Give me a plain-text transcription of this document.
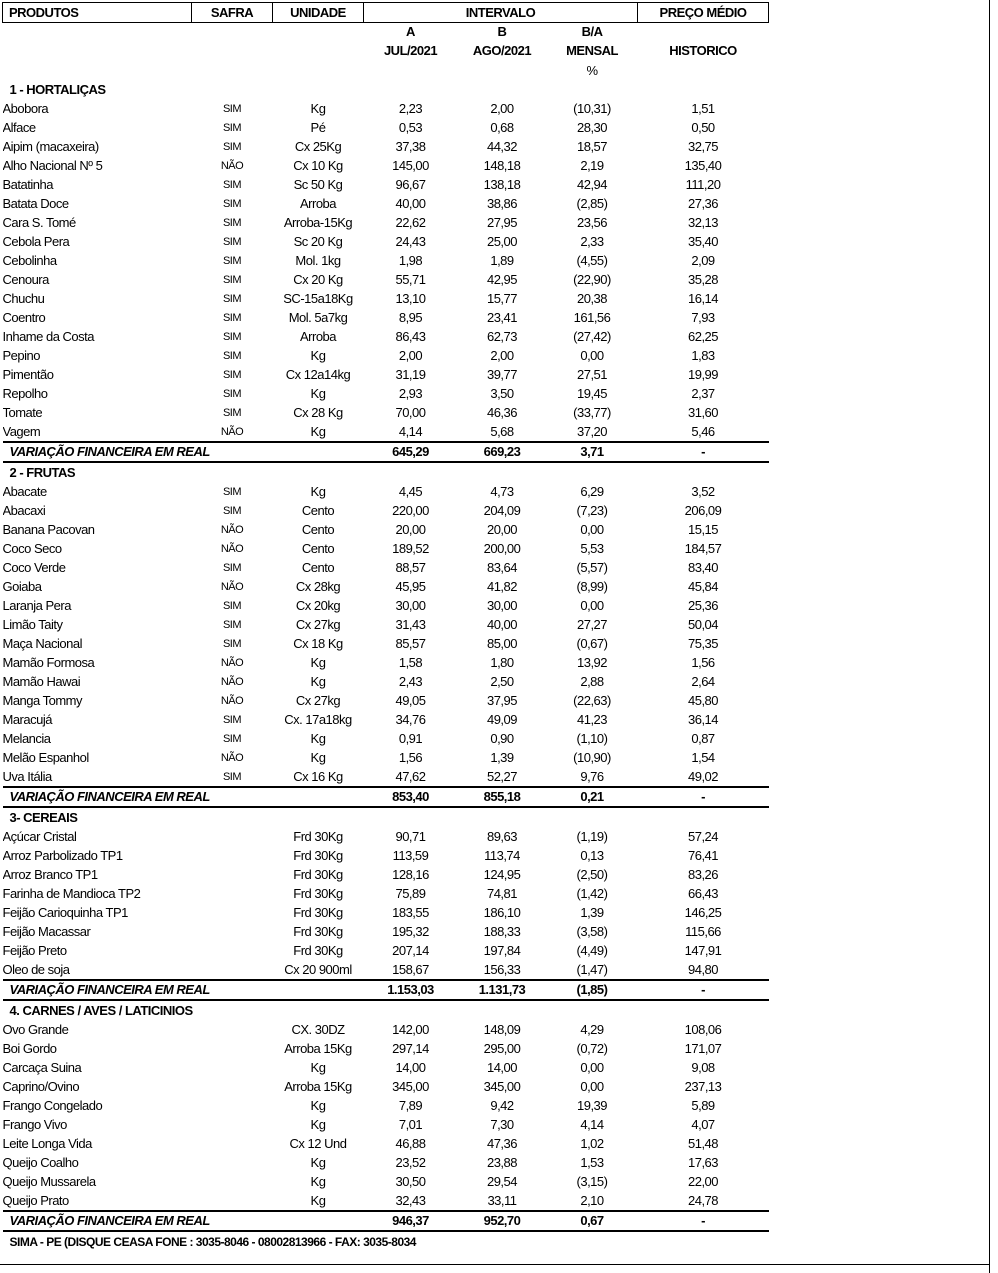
PRODUTOS	SAFRA	UNIDADE	INTERVALO			PREÇO MÉDIO
			A	B	B/A	
			JUL/2021	AGO/2021	MENSAL	HISTORICO
					%	
1 - HORTALIÇAS						
Abobora	SIM	Kg	2,23	2,00	(10,31)	1,51
Alface	SIM	Pé	0,53	0,68	28,30	0,50
Aipim (macaxeira)	SIM	Cx 25Kg	37,38	44,32	18,57	32,75
Alho Nacional Nº 5	NÃO	Cx 10 Kg	145,00	148,18	2,19	135,40
Batatinha	SIM	Sc 50 Kg	96,67	138,18	42,94	111,20
Batata Doce	SIM	Arroba	40,00	38,86	(2,85)	27,36
Cara S. Tomé	SIM	Arroba-15Kg	22,62	27,95	23,56	32,13
Cebola Pera	SIM	Sc 20 Kg	24,43	25,00	2,33	35,40
Cebolinha	SIM	Mol. 1kg	1,98	1,89	(4,55)	2,09
Cenoura	SIM	Cx 20 Kg	55,71	42,95	(22,90)	35,28
Chuchu	SIM	SC-15a18Kg	13,10	15,77	20,38	16,14
Coentro	SIM	Mol. 5a7kg	8,95	23,41	161,56	7,93
Inhame da Costa	SIM	Arroba	86,43	62,73	(27,42)	62,25
Pepino	SIM	Kg	2,00	2,00	0,00	1,83
Pimentão	SIM	Cx 12a14kg	31,19	39,77	27,51	19,99
Repolho	SIM	Kg	2,93	3,50	19,45	2,37
Tomate	SIM	Cx 28 Kg	70,00	46,36	(33,77)	31,60
Vagem	NÃO	Kg	4,14	5,68	37,20	5,46
VARIAÇÃO FINANCEIRA EM REAL			645,29	669,23	3,71	-
2 - FRUTAS						
Abacate	SIM	Kg	4,45	4,73	6,29	3,52
Abacaxi	SIM	Cento	220,00	204,09	(7,23)	206,09
Banana Pacovan	NÃO	Cento	20,00	20,00	0,00	15,15
Coco Seco	NÃO	Cento	189,52	200,00	5,53	184,57
Coco Verde	SIM	Cento	88,57	83,64	(5,57)	83,40
Goiaba	NÃO	Cx 28kg	45,95	41,82	(8,99)	45,84
Laranja Pera	SIM	Cx 20kg	30,00	30,00	0,00	25,36
Limão Taity	SIM	Cx 27kg	31,43	40,00	27,27	50,04
Maça Nacional	SIM	Cx 18 Kg	85,57	85,00	(0,67)	75,35
Mamão Formosa	NÃO	Kg	1,58	1,80	13,92	1,56
Mamão Hawai	NÃO	Kg	2,43	2,50	2,88	2,64
Manga Tommy	NÃO	Cx 27kg	49,05	37,95	(22,63)	45,80
Maracujá	SIM	Cx. 17a18kg	34,76	49,09	41,23	36,14
Melancia	SIM	Kg	0,91	0,90	(1,10)	0,87
Melão Espanhol	NÃO	Kg	1,56	1,39	(10,90)	1,54
Uva Itália	SIM	Cx 16 Kg	47,62	52,27	9,76	49,02
VARIAÇÃO FINANCEIRA EM REAL			853,40	855,18	0,21	-
3- CEREAIS						
Açúcar Cristal		Frd 30Kg	90,71	89,63	(1,19)	57,24
Arroz Parbolizado TP1		Frd 30Kg	113,59	113,74	0,13	76,41
Arroz Branco TP1		Frd 30Kg	128,16	124,95	(2,50)	83,26
Farinha de Mandioca TP2		Frd 30Kg	75,89	74,81	(1,42)	66,43
Feijão Carioquinha TP1		Frd 30Kg	183,55	186,10	1,39	146,25
Feijão Macassar		Frd 30Kg	195,32	188,33	(3,58)	115,66
Feijão Preto		Frd 30Kg	207,14	197,84	(4,49)	147,91
Oleo de soja		Cx 20 900ml	158,67	156,33	(1,47)	94,80
VARIAÇÃO FINANCEIRA EM REAL			1.153,03	1.131,73	(1,85)	-
4. CARNES / AVES / LATICINIOS						
Ovo Grande		CX. 30DZ	142,00	148,09	4,29	108,06
Boi Gordo		Arroba 15Kg	297,14	295,00	(0,72)	171,07
Carcaça Suina		Kg	14,00	14,00	0,00	9,08
Caprino/Ovino		Arroba 15Kg	345,00	345,00	0,00	237,13
Frango Congelado		Kg	7,89	9,42	19,39	5,89
Frango Vivo		Kg	7,01	7,30	4,14	4,07
Leite Longa Vida		Cx 12 Und	46,88	47,36	1,02	51,48
Queijo Coalho		Kg	23,52	23,88	1,53	17,63
Queijo Mussarela		Kg	30,50	29,54	(3,15)	22,00
Queijo Prato		Kg	32,43	33,11	2,10	24,78
VARIAÇÃO FINANCEIRA EM REAL			946,37	952,70	0,67	-
SIMA - PE (DISQUE CEASA FONE : 3035-8046 - 08002813966 - FAX: 3035-8034						
